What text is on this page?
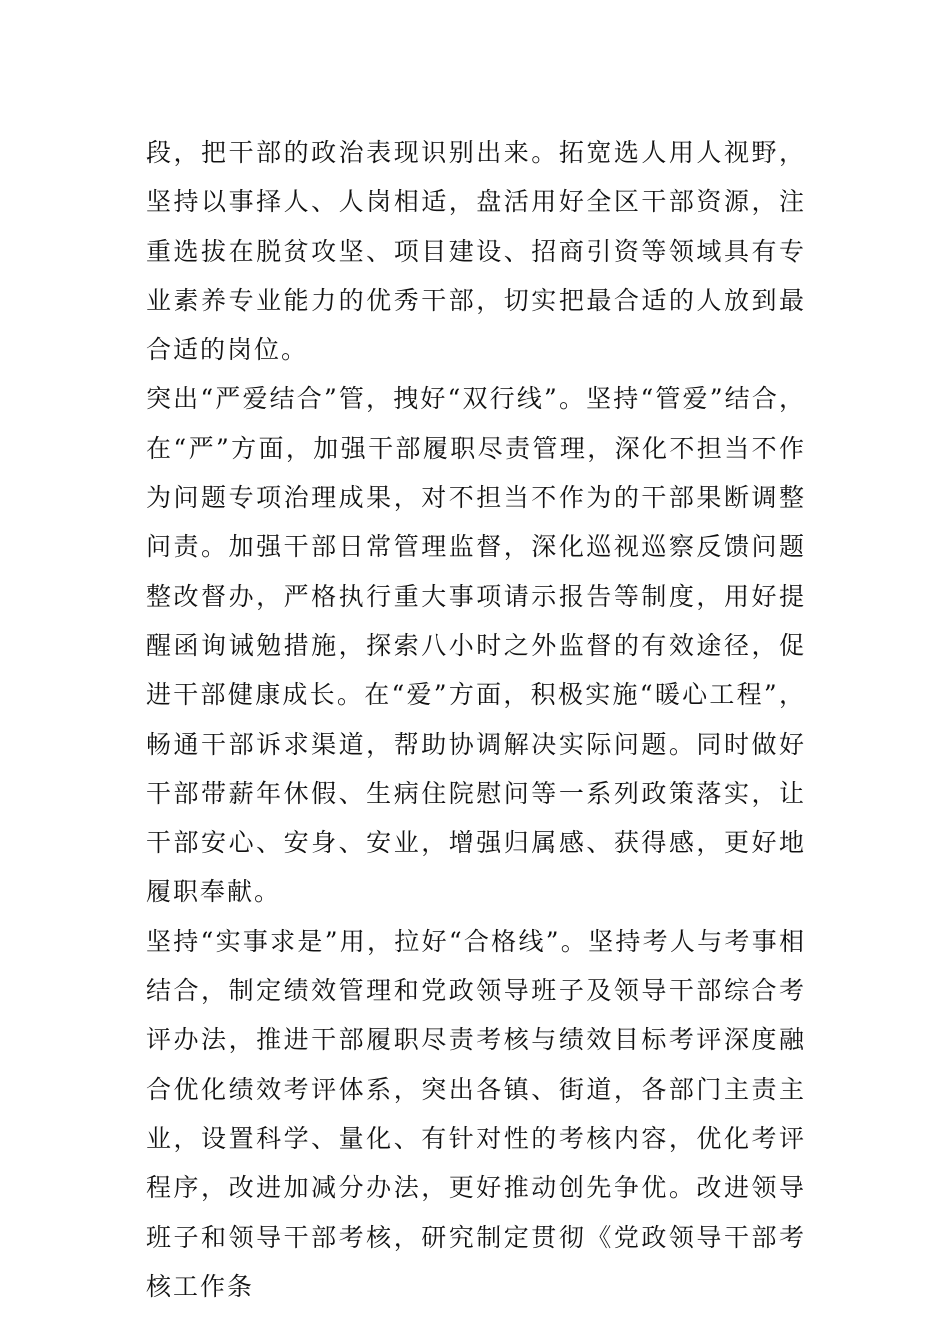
段，把干部的政治表现识别出来。拓宽选人用人视野，坚持以事择人、人岗相适，盘活用好全区干部资源，注重选拔在脱贫攻坚、项目建设、招商引资等领域具有专业素养专业能力的优秀干部，切实把最合适的人放到最合适的岗位。

突出“严爱结合”管，拽好“双行线”。坚持“管爱”结合，在“严”方面，加强干部履职尽责管理，深化不担当不作为问题专项治理成果，对不担当不作为的干部果断调整问责。加强干部日常管理监督，深化巡视巡察反馈问题整改督办，严格执行重大事项请示报告等制度，用好提醒函询诫勉措施，探索八小时之外监督的有效途径，促进干部健康成长。在“爱”方面，积极实施“暖心工程”，畅通干部诉求渠道，帮助协调解决实际问题。同时做好干部带薪年休假、生病住院慰问等一系列政策落实，让干部安心、安身、安业，增强归属感、获得感，更好地履职奉献。

坚持“实事求是”用，拉好“合格线”。坚持考人与考事相结合，制定绩效管理和党政领导班子及领导干部综合考评办法，推进干部履职尽责考核与绩效目标考评深度融合优化绩效考评体系，突出各镇、街道，各部门主责主业，设置科学、量化、有针对性的考核内容，优化考评程序，改进加减分办法，更好推动创先争优。改进领导班子和领导干部考核，研究制定贯彻《党政领导干部考核工作条
